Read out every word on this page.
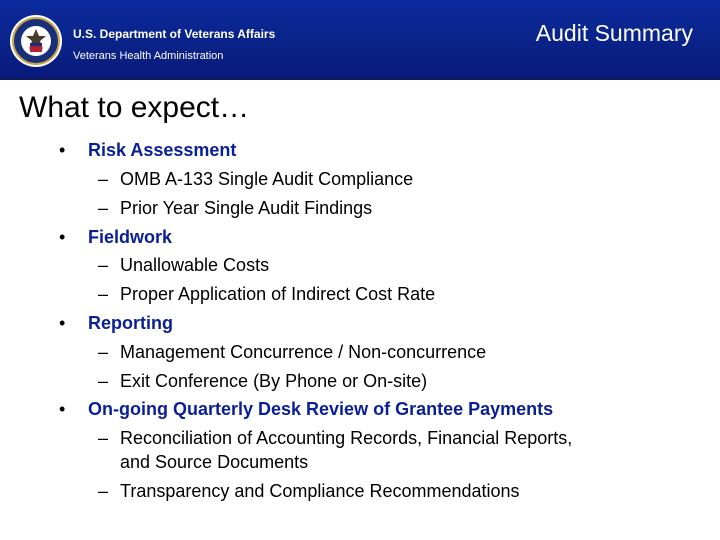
U.S. Department of Veterans Affairs
Veterans Health Administration
Audit Summary
What to expect…
• Risk Assessment
– OMB A-133 Single Audit Compliance
– Prior Year Single Audit Findings
• Fieldwork
– Unallowable Costs
– Proper Application of Indirect Cost Rate
• Reporting
– Management Concurrence / Non-concurrence
– Exit Conference (By Phone or On-site)
• On-going Quarterly Desk Review of Grantee Payments
– Reconciliation of Accounting Records, Financial Reports,
and Source Documents
– Transparency and Compliance Recommendations
